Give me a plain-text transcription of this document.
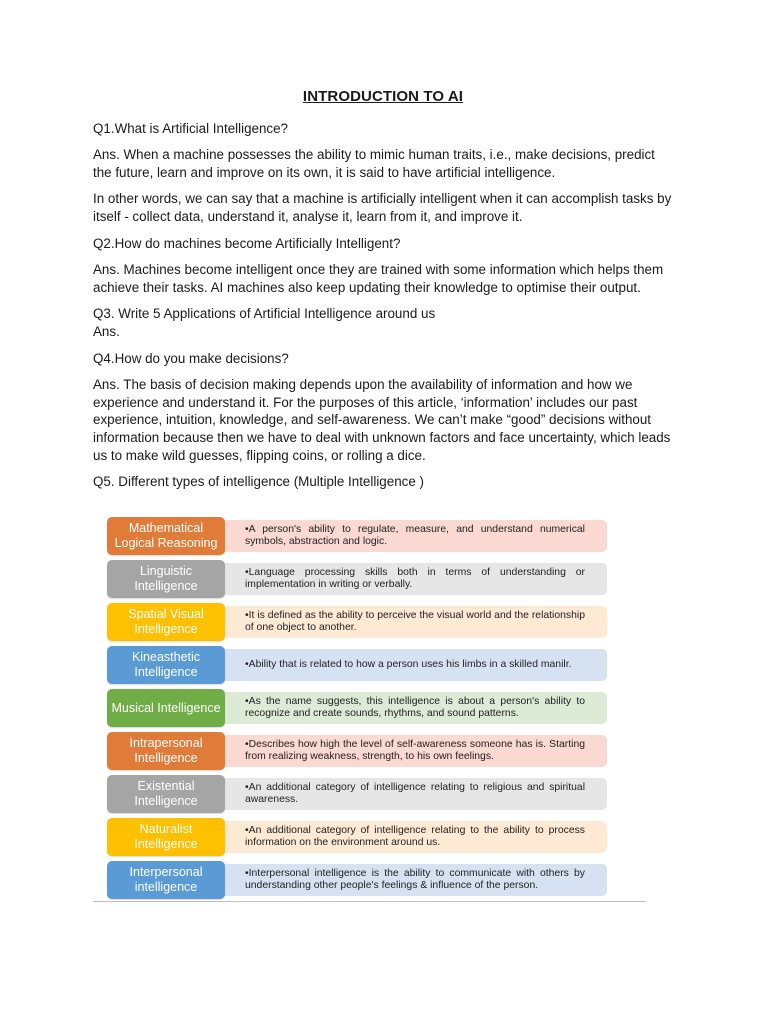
INTRODUCTION TO AI

Q1.What is Artificial Intelligence?

Ans. When a machine possesses the ability to mimic human traits, i.e., make decisions, predict the future, learn and improve on its own, it is said to have artificial intelligence.

In other words, we can say that a machine is artificially intelligent when it can accomplish tasks by itself - collect data, understand it, analyse it, learn from it, and improve it.

Q2.How do machines become Artificially Intelligent?

Ans. Machines become intelligent once they are trained with some information which helps them achieve their tasks. AI machines also keep updating their knowledge to optimise their output.

Q3. Write 5 Applications of Artificial Intelligence around us

Ans.

Q4.How do you make decisions?

Ans. The basis of decision making depends upon the availability of information and how we experience and understand it. For the purposes of this article, ‘information’ includes our past experience, intuition, knowledge, and self-awareness. We can’t make “good” decisions without information because then we have to deal with unknown factors and face uncertainty, which leads us to make wild guesses, flipping coins, or rolling a dice.

Q5. Different types of intelligence (Multiple Intelligence )

Mathematical Logical Reasoning
•A person's ability to regulate, measure, and understand numerical symbols, abstraction and logic.
Linguistic Intelligence
•Language processing skills both in terms of understanding or implementation in writing or verbally.
Spatial Visual Intelligence
•It is defined as the ability to perceive the visual world and the relationship of one object to another.
Kineasthetic Intelligence
•Ability that is related to how a person uses his limbs in a skilled manilr.
Musical Intelligence	•As the name suggests, this intelligence is about a person's ability to recognize and create sounds, rhythms, and sound patterns.
Intrapersonal Intelligence
•Describes how high the level of self-awareness someone has is. Starting from realizing weakness, strength, to his own feelings.
Existential Intelligence
•An additional category of intelligence relating to religious and spiritual awareness.
Naturalist Intelligence
•An additional category of intelligence relating to the ability to process information on the environment around us.
Interpersonal intelligence
•Interpersonal intelligence is the ability to communicate with others by understanding other people's feelings & influence of the person.
